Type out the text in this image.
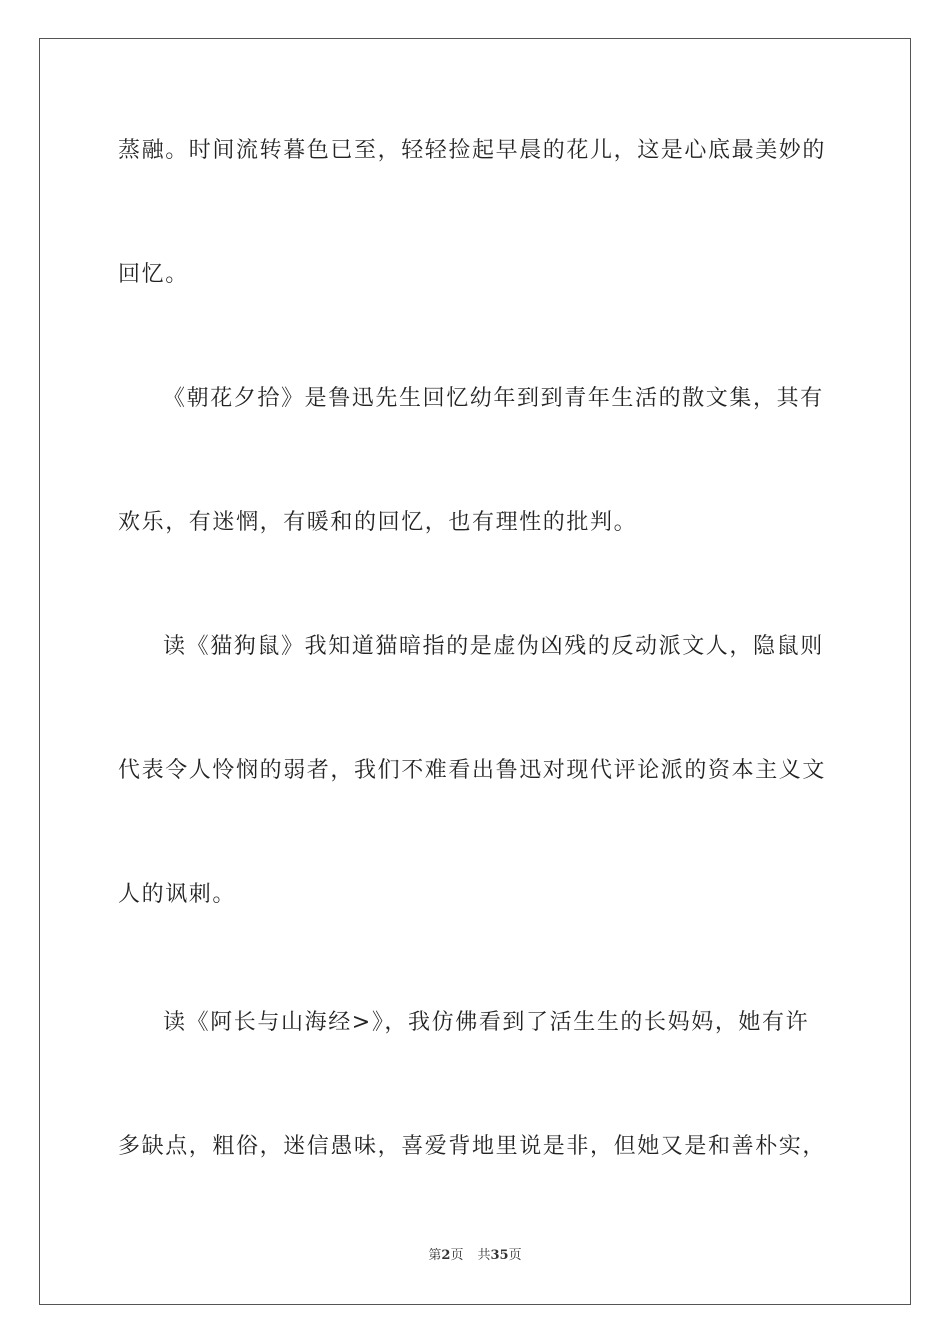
蒸融。时间流转暮色已至，轻轻捡起早晨的花儿，这是心底最美妙的
回忆。
《朝花夕拾》是鲁迅先生回忆幼年到到青年生活的散文集，其有
欢乐，有迷惘，有暖和的回忆，也有理性的批判。
读《猫狗鼠》我知道猫暗指的是虚伪凶残的反动派文人，隐鼠则
代表令人怜悯的弱者，我们不难看出鲁迅对现代评论派的资本主义文
人的讽刺。
读《阿长与山海经>》，我仿佛看到了活生生的长妈妈，她有许
多缺点，粗俗，迷信愚味，喜爱背地里说是非，但她又是和善朴实，
第2页 共35页
